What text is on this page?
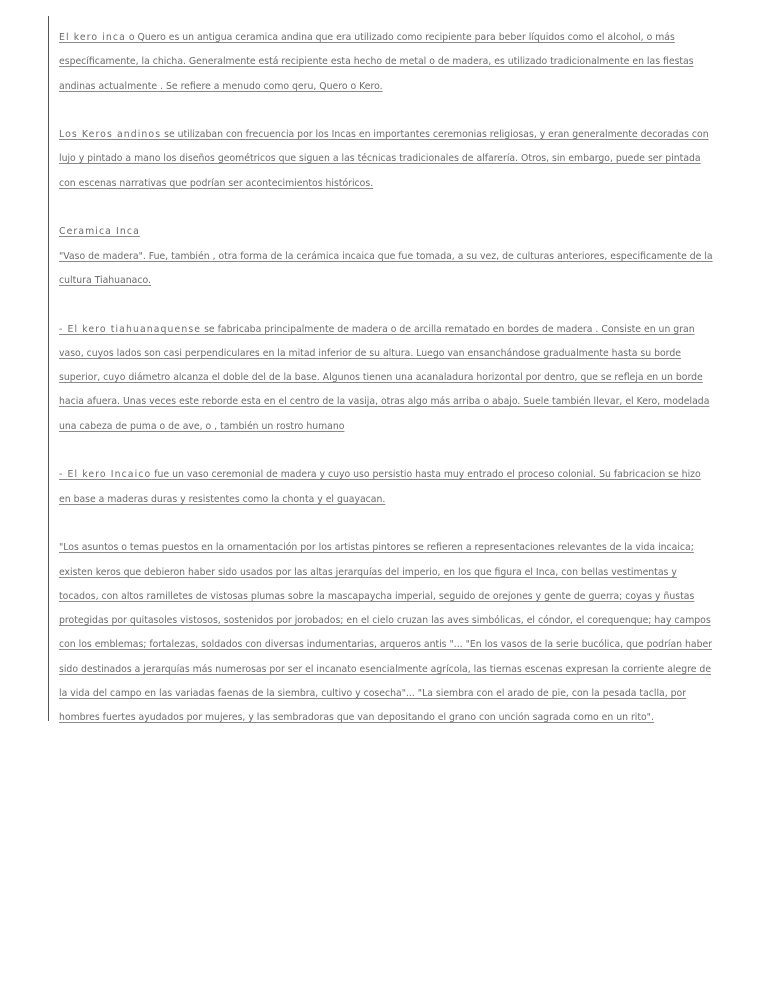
El kero inca o Quero es un antigua ceramica andina que era utilizado como recipiente para beber líquidos como el alcohol, o más específicamente, la chicha. Generalmente está recipiente esta hecho de metal o de madera, es utilizado tradicionalmente en las fiestas andinas actualmente . Se refiere a menudo como qeru, Quero o Kero.

Los Keros andinos se utilizaban con frecuencia por los Incas en importantes ceremonias religiosas, y eran generalmente decoradas con lujo y pintado a mano los diseños geométricos que siguen a las técnicas tradicionales de alfarería. Otros, sin embargo, puede ser pintada con escenas narrativas que podrían ser acontecimientos históricos.

Ceramica Inca

"Vaso de madera". Fue, también , otra forma de la cerámica incaica que fue tomada, a su vez, de culturas anteriores, especificamente de la cultura Tiahuanaco.

- El kero tiahuanaquense se fabricaba principalmente de madera o de arcilla rematado en bordes de madera . Consiste en un gran vaso, cuyos lados son casi perpendiculares en la mitad inferior de su altura. Luego van ensanchándose gradualmente hasta su borde superior, cuyo diámetro alcanza el doble del de la base. Algunos tienen una acanaladura horizontal por dentro, que se refleja en un borde hacia afuera. Unas veces este reborde esta en el centro de la vasija, otras algo más arriba o abajo. Suele también llevar, el Kero, modelada una cabeza de puma o de ave, o , también un rostro humano

- El kero Incaico fue un vaso ceremonial de madera y cuyo uso persistio hasta muy entrado el proceso colonial. Su fabricacion se hizo en base a maderas duras y resistentes como la chonta y el guayacan.

"Los asuntos o temas puestos en la ornamentación por los artistas pintores se refieren a representaciones relevantes de la vida incaica; existen keros que debieron haber sido usados por las altas jerarquías del imperio, en los que figura el Inca, con bellas vestimentas y tocados, con altos ramilletes de vistosas plumas sobre la mascapaycha imperial, seguido de orejones y gente de guerra; coyas y ñustas protegidas por quitasoles vistosos, sostenidos por jorobados; en el cielo cruzan las aves simbólicas, el cóndor, el corequenque; hay campos con los emblemas; fortalezas, soldados con diversas indumentarias, arqueros antis "... "En los vasos de la serie bucólica, que podrían haber sido destinados a jerarquías más numerosas por ser el incanato esencialmente agrícola, las tiernas escenas expresan la corriente alegre de la vida del campo en las variadas faenas de la siembra, cultivo y cosecha"... "La siembra con el arado de pie, con la pesada taclla, por hombres fuertes ayudados por mujeres, y las sembradoras que van depositando el grano con unción sagrada como en un rito".
